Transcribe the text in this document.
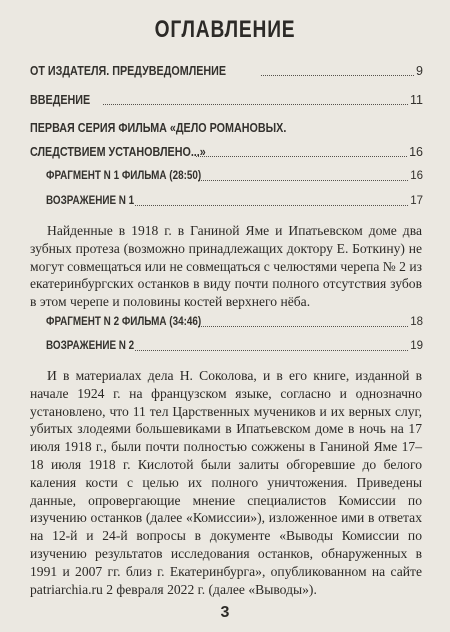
ОГЛАВЛЕНИЕ
ОТ ИЗДАТЕЛЯ. ПРЕДУВЕДОМЛЕНИЕ	9
ВВЕДЕНИЕ	11
ПЕРВАЯ СЕРИЯ ФИЛЬМА «ДЕЛО РОМАНОВЫХ.
СЛЕДСТВИЕМ УСТАНОВЛЕНО...»	16
ФРАГМЕНТ N 1 ФИЛЬМА (28:50)	16
ВОЗРАЖЕНИЕ N 1	17
Найденные в 1918 г. в Ганиной Яме и Ипатьевском доме два зубных протеза (возможно принадлежащих доктору Е. Боткину) не могут совмещаться или не совмещаться с челюстями черепа № 2 из екатеринбургских останков в виду почти полного отсутствия зубов в этом черепе и половины костей верхнего нёба.
ФРАГМЕНТ N 2 ФИЛЬМА (34:46)	18
ВОЗРАЖЕНИЕ N 2	19
И в материалах дела Н. Соколова, и в его книге, изданной в начале 1924 г. на французском языке, согласно и однозначно установлено, что 11 тел Царственных мучеников и их верных слуг, убитых злодеями большевиками в Ипатьевском доме в ночь на 17 июля 1918 г., были почти полностью сожжены в Ганиной Яме 17–18 июля 1918 г. Кислотой были залиты обгоревшие до белого каления кости с целью их полного уничтожения. Приведены данные, опровергающие мнение специалистов Комиссии по изучению останков (далее «Комиссии»), изложенное ими в ответах на 12-й и 24-й вопросы в документе «Выводы Комиссии по изучению результатов исследования останков, обнаруженных в 1991 и 2007 гг. близ г. Екатеринбурга», опубликованном на сайте patriarchia.ru 2 февраля 2022 г. (далее «Выводы»).
3
